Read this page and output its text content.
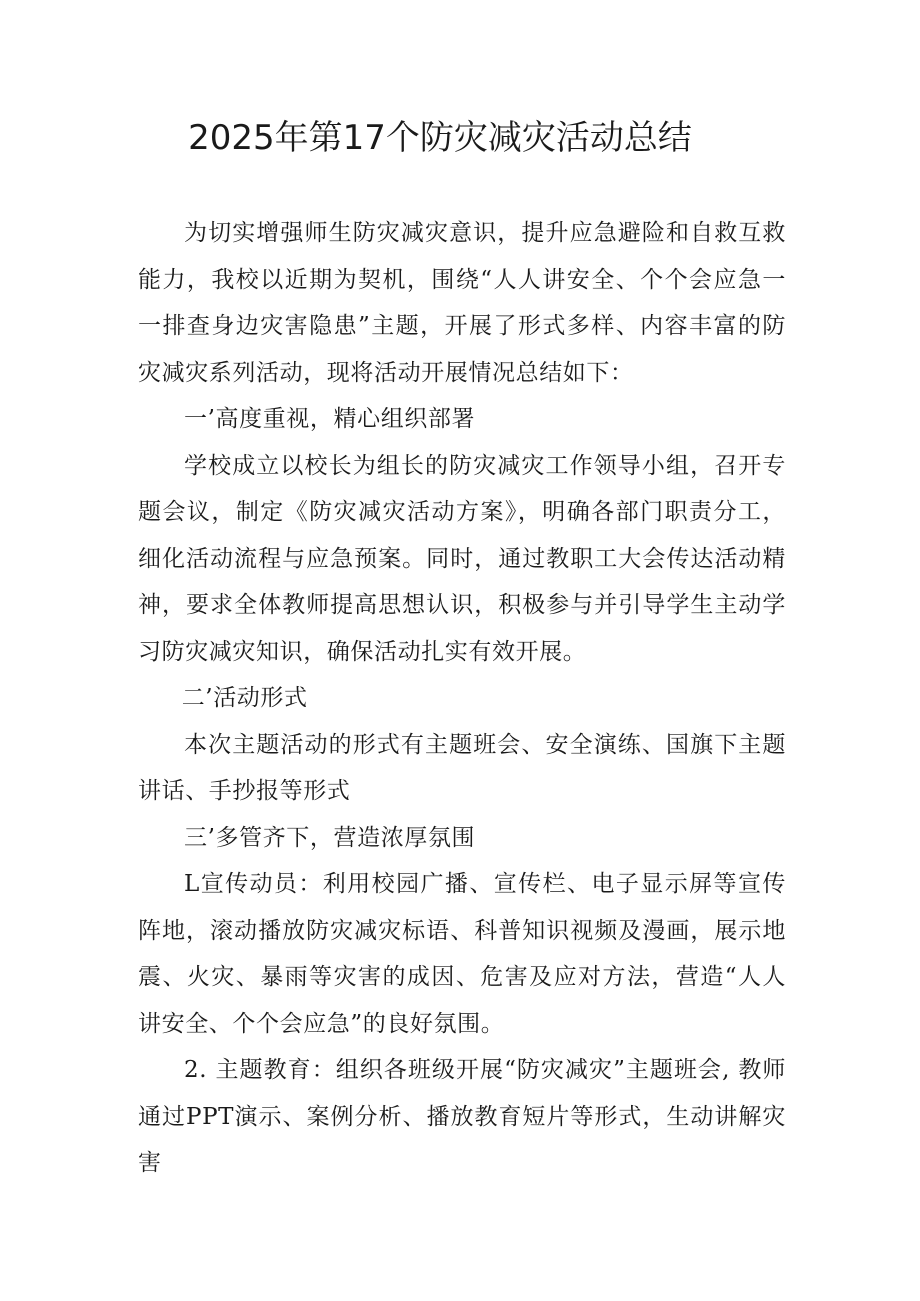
2025年第17个防灾减灾活动总结

为切实增强师生防灾减灾意识，提升应急避险和自救互救能力，我校以近期为契机，围绕“人人讲安全、个个会应急一一排查身边灾害隐患”主题，开展了形式多样、内容丰富的防灾减灾系列活动，现将活动开展情况总结如下：

一’高度重视，精心组织部署

学校成立以校长为组长的防灾减灾工作领导小组，召开专题会议，制定《防灾减灾活动方案》，明确各部门职责分工，细化活动流程与应急预案。同时，通过教职工大会传达活动精神，要求全体教师提高思想认识，积极参与并引导学生主动学习防灾减灾知识，确保活动扎实有效开展。

二’活动形式

本次主题活动的形式有主题班会、安全演练、国旗下主题讲话、手抄报等形式

三’多管齐下，营造浓厚氛围

L宣传动员：利用校园广播、宣传栏、电子显示屏等宣传阵地，滚动播放防灾减灾标语、科普知识视频及漫画，展示地震、火灾、暴雨等灾害的成因、危害及应对方法，营造“人人讲安全、个个会应急”的良好氛围。

2. 主题教育：组织各班级开展“防灾减灾”主题班会, 教师通过PPT演示、案例分析、播放教育短片等形式，生动讲解灾害
